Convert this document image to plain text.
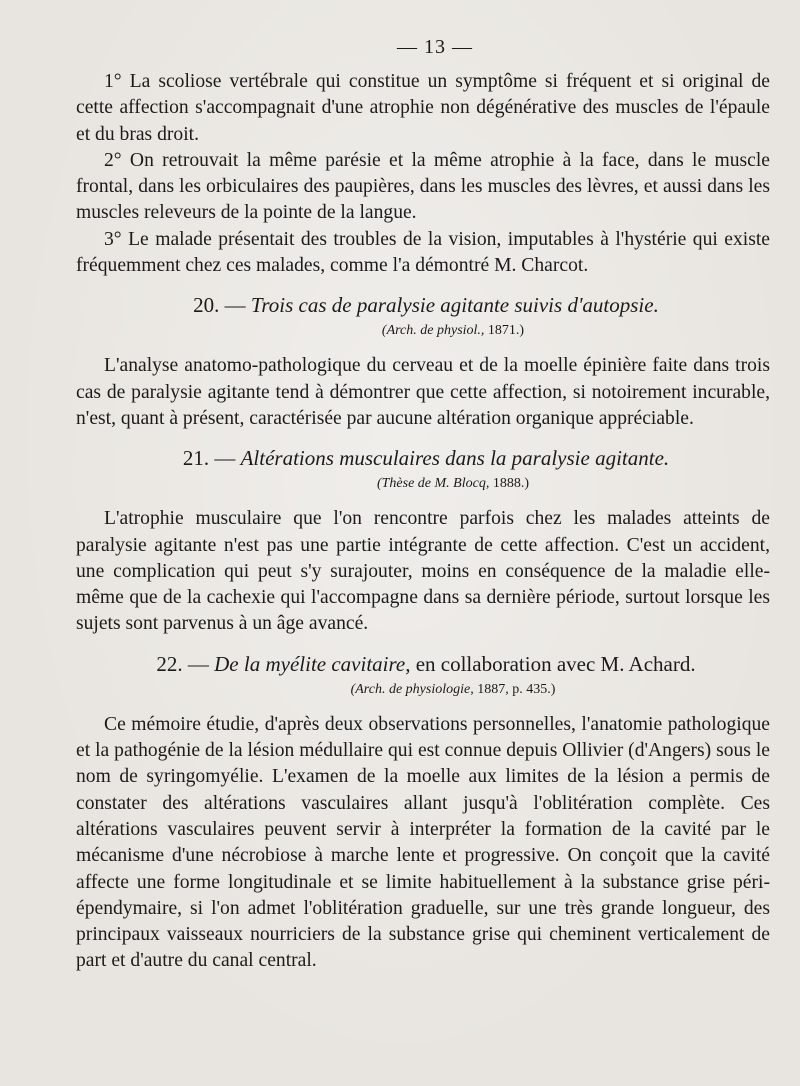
— 13 —

1° La scoliose vertébrale qui constitue un symptôme si fréquent et si original de cette affection s'accompagnait d'une atrophie non dégénérative des muscles de l'épaule et du bras droit.

2° On retrouvait la même parésie et la même atrophie à la face, dans le muscle frontal, dans les orbiculaires des paupières, dans les muscles des lèvres, et aussi dans les muscles releveurs de la pointe de la langue.

3° Le malade présentait des troubles de la vision, imputables à l'hystérie qui existe fréquemment chez ces malades, comme l'a démontré M. Charcot.

20. — Trois cas de paralysie agitante suivis d'autopsie.
(Arch. de physiol., 1871.)

L'analyse anatomo-pathologique du cerveau et de la moelle épinière faite dans trois cas de paralysie agitante tend à démontrer que cette affection, si notoirement incurable, n'est, quant à présent, caractérisée par aucune altération organique appréciable.

21. — Altérations musculaires dans la paralysie agitante.
(Thèse de M. Blocq, 1888.)

L'atrophie musculaire que l'on rencontre parfois chez les malades atteints de paralysie agitante n'est pas une partie intégrante de cette affection. C'est un accident, une complication qui peut s'y surajouter, moins en conséquence de la maladie elle-même que de la cachexie qui l'accompagne dans sa dernière période, surtout lorsque les sujets sont parvenus à un âge avancé.

22. — De la myélite cavitaire, en collaboration avec M. Achard.
(Arch. de physiologie, 1887, p. 435.)

Ce mémoire étudie, d'après deux observations personnelles, l'anatomie pathologique et la pathogénie de la lésion médullaire qui est connue depuis Ollivier (d'Angers) sous le nom de syringomyélie. L'examen de la moelle aux limites de la lésion a permis de constater des altérations vasculaires allant jusqu'à l'oblitération complète. Ces altérations vasculaires peuvent servir à interpréter la formation de la cavité par le mécanisme d'une nécrobiose à marche lente et progressive. On conçoit que la cavité affecte une forme longitudinale et se limite habituellement à la substance grise péri-épendymaire, si l'on admet l'oblitération graduelle, sur une très grande longueur, des principaux vaisseaux nourriciers de la substance grise qui cheminent verticalement de part et d'autre du canal central.
